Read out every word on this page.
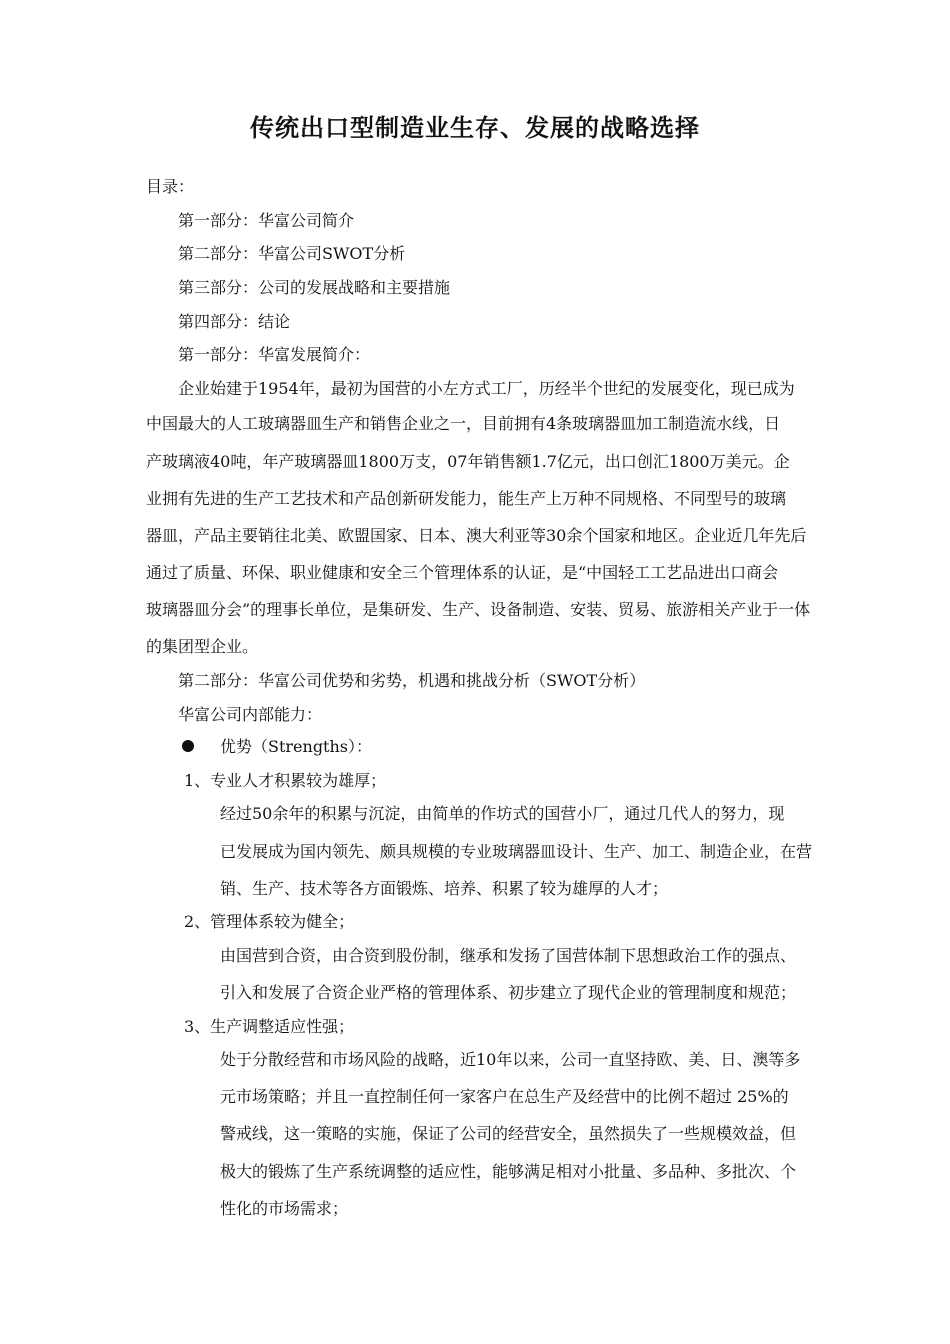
传统出口型制造业生存、发展的战略选择
目录：
第一部分：华富公司简介
第二部分：华富公司SWOT分析
第三部分：公司的发展战略和主要措施
第四部分：结论
第一部分：华富发展简介：
企业始建于1954年，最初为国营的小左方式工厂，历经半个世纪的发展变化，现已成为
中国最大的人工玻璃器皿生产和销售企业之一，目前拥有4条玻璃器皿加工制造流水线，日
产玻璃液40吨，年产玻璃器皿1800万支，07年销售额1.7亿元，出口创汇1800万美元。企
业拥有先进的生产工艺技术和产品创新研发能力，能生产上万种不同规格、不同型号的玻璃
器皿，产品主要销往北美、欧盟国家、日本、澳大利亚等30余个国家和地区。企业近几年先后
通过了质量、环保、职业健康和安全三个管理体系的认证，是“中国轻工工艺品进出口商会
玻璃器皿分会”的理事长单位，是集研发、生产、设备制造、安装、贸易、旅游相关产业于一体
的集团型企业。
第二部分：华富公司优势和劣势，机遇和挑战分析（SWOT分析）
华富公司内部能力：
优势（Strengths）：
1、专业人才积累较为雄厚；
经过50余年的积累与沉淀，由简单的作坊式的国营小厂，通过几代人的努力，现
已发展成为国内领先、颇具规模的专业玻璃器皿设计、生产、加工、制造企业，在营
销、生产、技术等各方面锻炼、培养、积累了较为雄厚的人才；
2、管理体系较为健全；
由国营到合资，由合资到股份制，继承和发扬了国营体制下思想政治工作的强点、
引入和发展了合资企业严格的管理体系、初步建立了现代企业的管理制度和规范；
3、生产调整适应性强；
处于分散经营和市场风险的战略，近10年以来，公司一直坚持欧、美、日、澳等多
元市场策略；并且一直控制任何一家客户在总生产及经营中的比例不超过 25%的
警戒线，这一策略的实施，保证了公司的经营安全，虽然损失了一些规模效益，但
极大的锻炼了生产系统调整的适应性，能够满足相对小批量、多品种、多批次、个
性化的市场需求；
